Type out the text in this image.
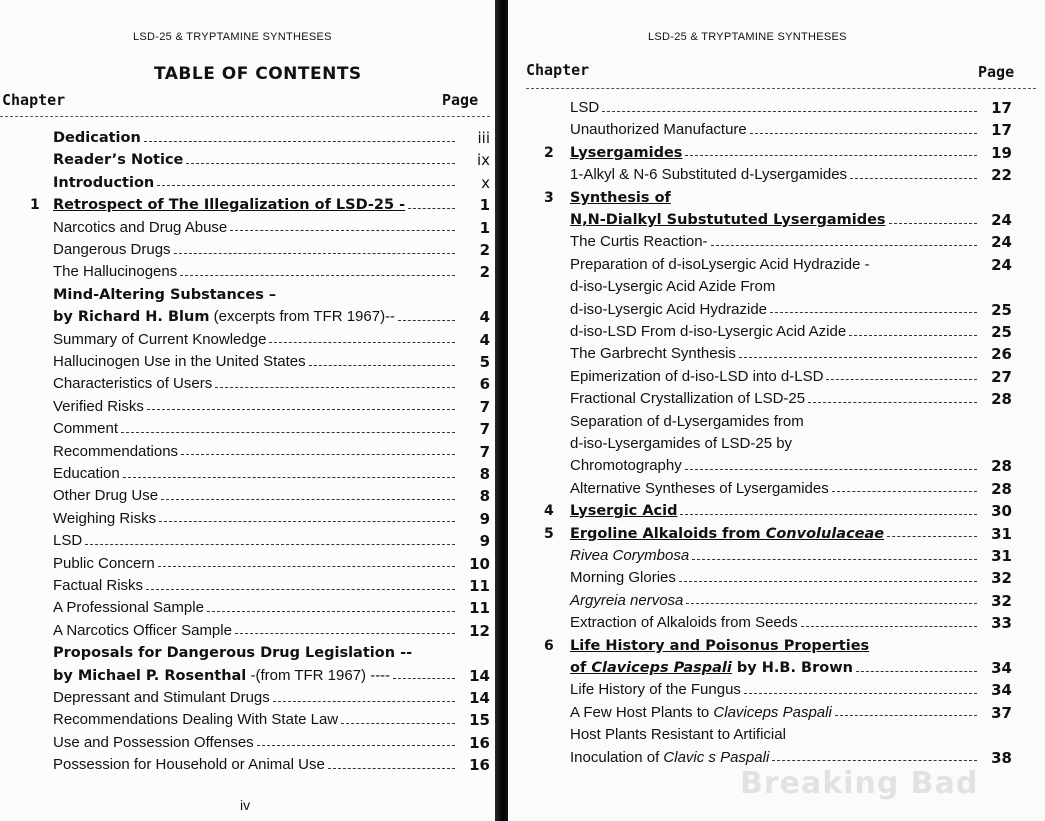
LSD-25 & TRYPTAMINE SYNTHESES
TABLE OF CONTENTS
Chapter	Page
Dedication	iii
Reader’s Notice	ix
Introduction	x
1 Retrospect of The Illegalization of LSD-25 -	1
Narcotics and Drug Abuse	1
Dangerous Drugs	2
The Hallucinogens	2
Mind-Altering Substances –
by Richard H. Blum (excerpts from TFR 1967)--	4
Summary of Current Knowledge	4
Hallucinogen Use in the United States	5
Characteristics of Users	6
Verified Risks	7
Comment	7
Recommendations	7
Education	8
Other Drug Use	8
Weighing Risks	9
LSD	9
Public Concern	10
Factual Risks	11
A Professional Sample	11
A Narcotics Officer Sample	12
Proposals for Dangerous Drug Legislation --
by Michael P. Rosenthal -(from TFR 1967) ----	14
Depressant and Stimulant Drugs	14
Recommendations Dealing With State Law	15
Use and Possession Offenses	16
Possession for Household or Animal Use	16
iv
LSD-25 & TRYPTAMINE SYNTHESES
Chapter	Page
LSD	17
Unauthorized Manufacture	17
2 Lysergamides	19
1-Alkyl & N-6 Substituted d-Lysergamides	22
3 Synthesis of
N,N-Dialkyl Substututed Lysergamides	24
The Curtis Reaction-	24
Preparation of d-isoLysergic Acid Hydrazide -	24
d-iso-Lysergic Acid Azide From
d-iso-Lysergic Acid Hydrazide	25
d-iso-LSD From d-iso-Lysergic Acid Azide	25
The Garbrecht Synthesis	26
Epimerization of d-iso-LSD into d-LSD	27
Fractional Crystallization of LSD-25	28
Separation of d-Lysergamides from
d-iso-Lysergamides of LSD-25 by
Chromotography	28
Alternative Syntheses of Lysergamides	28
4 Lysergic Acid	30
5 Ergoline Alkaloids from Convolulaceae	31
Rivea Corymbosa	31
Morning Glories	32
Argyreia nervosa	32
Extraction of Alkaloids from Seeds	33
6 Life History and Poisonus Properties
of Claviceps Paspali by H.B. Brown	34
Life History of the Fungus	34
A Few Host Plants to Claviceps Paspali	37
Host Plants Resistant to Artificial
Inoculation of Clavic s Paspali	38
Breaking Bad
